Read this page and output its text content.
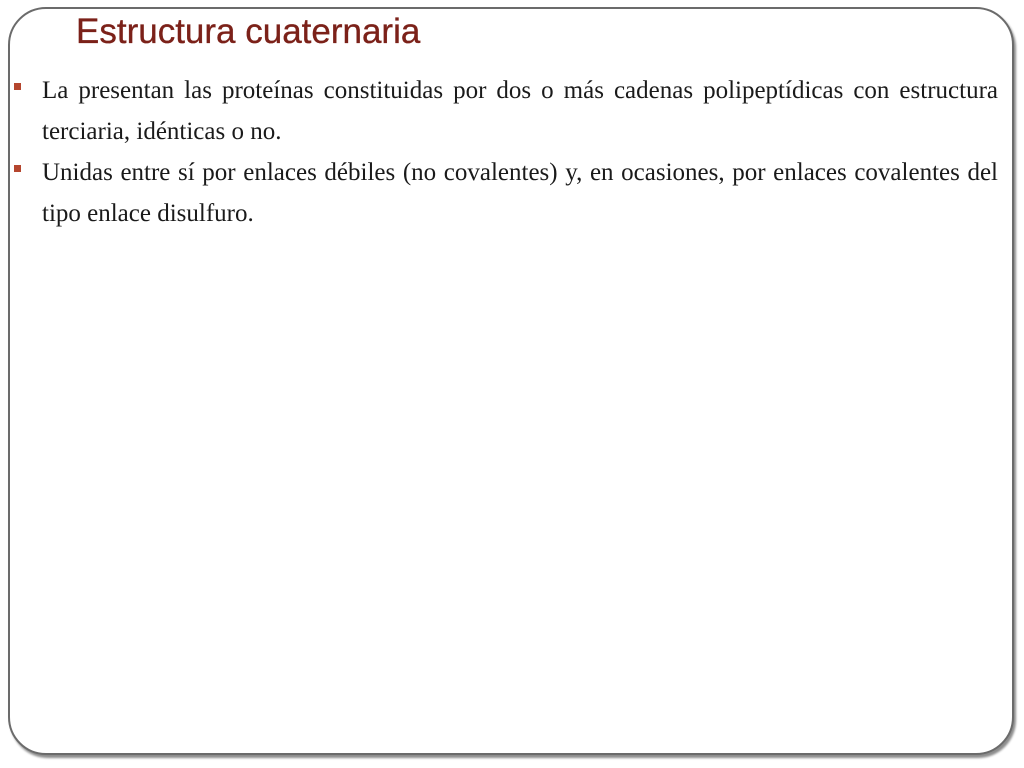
Estructura cuaternaria
La presentan las proteínas constituidas por dos o más cadenas polipeptídicas con estructura terciaria, idénticas o no.
Unidas entre sí por enlaces débiles (no covalentes) y, en ocasiones, por enlaces covalentes del tipo enlace disulfuro.
